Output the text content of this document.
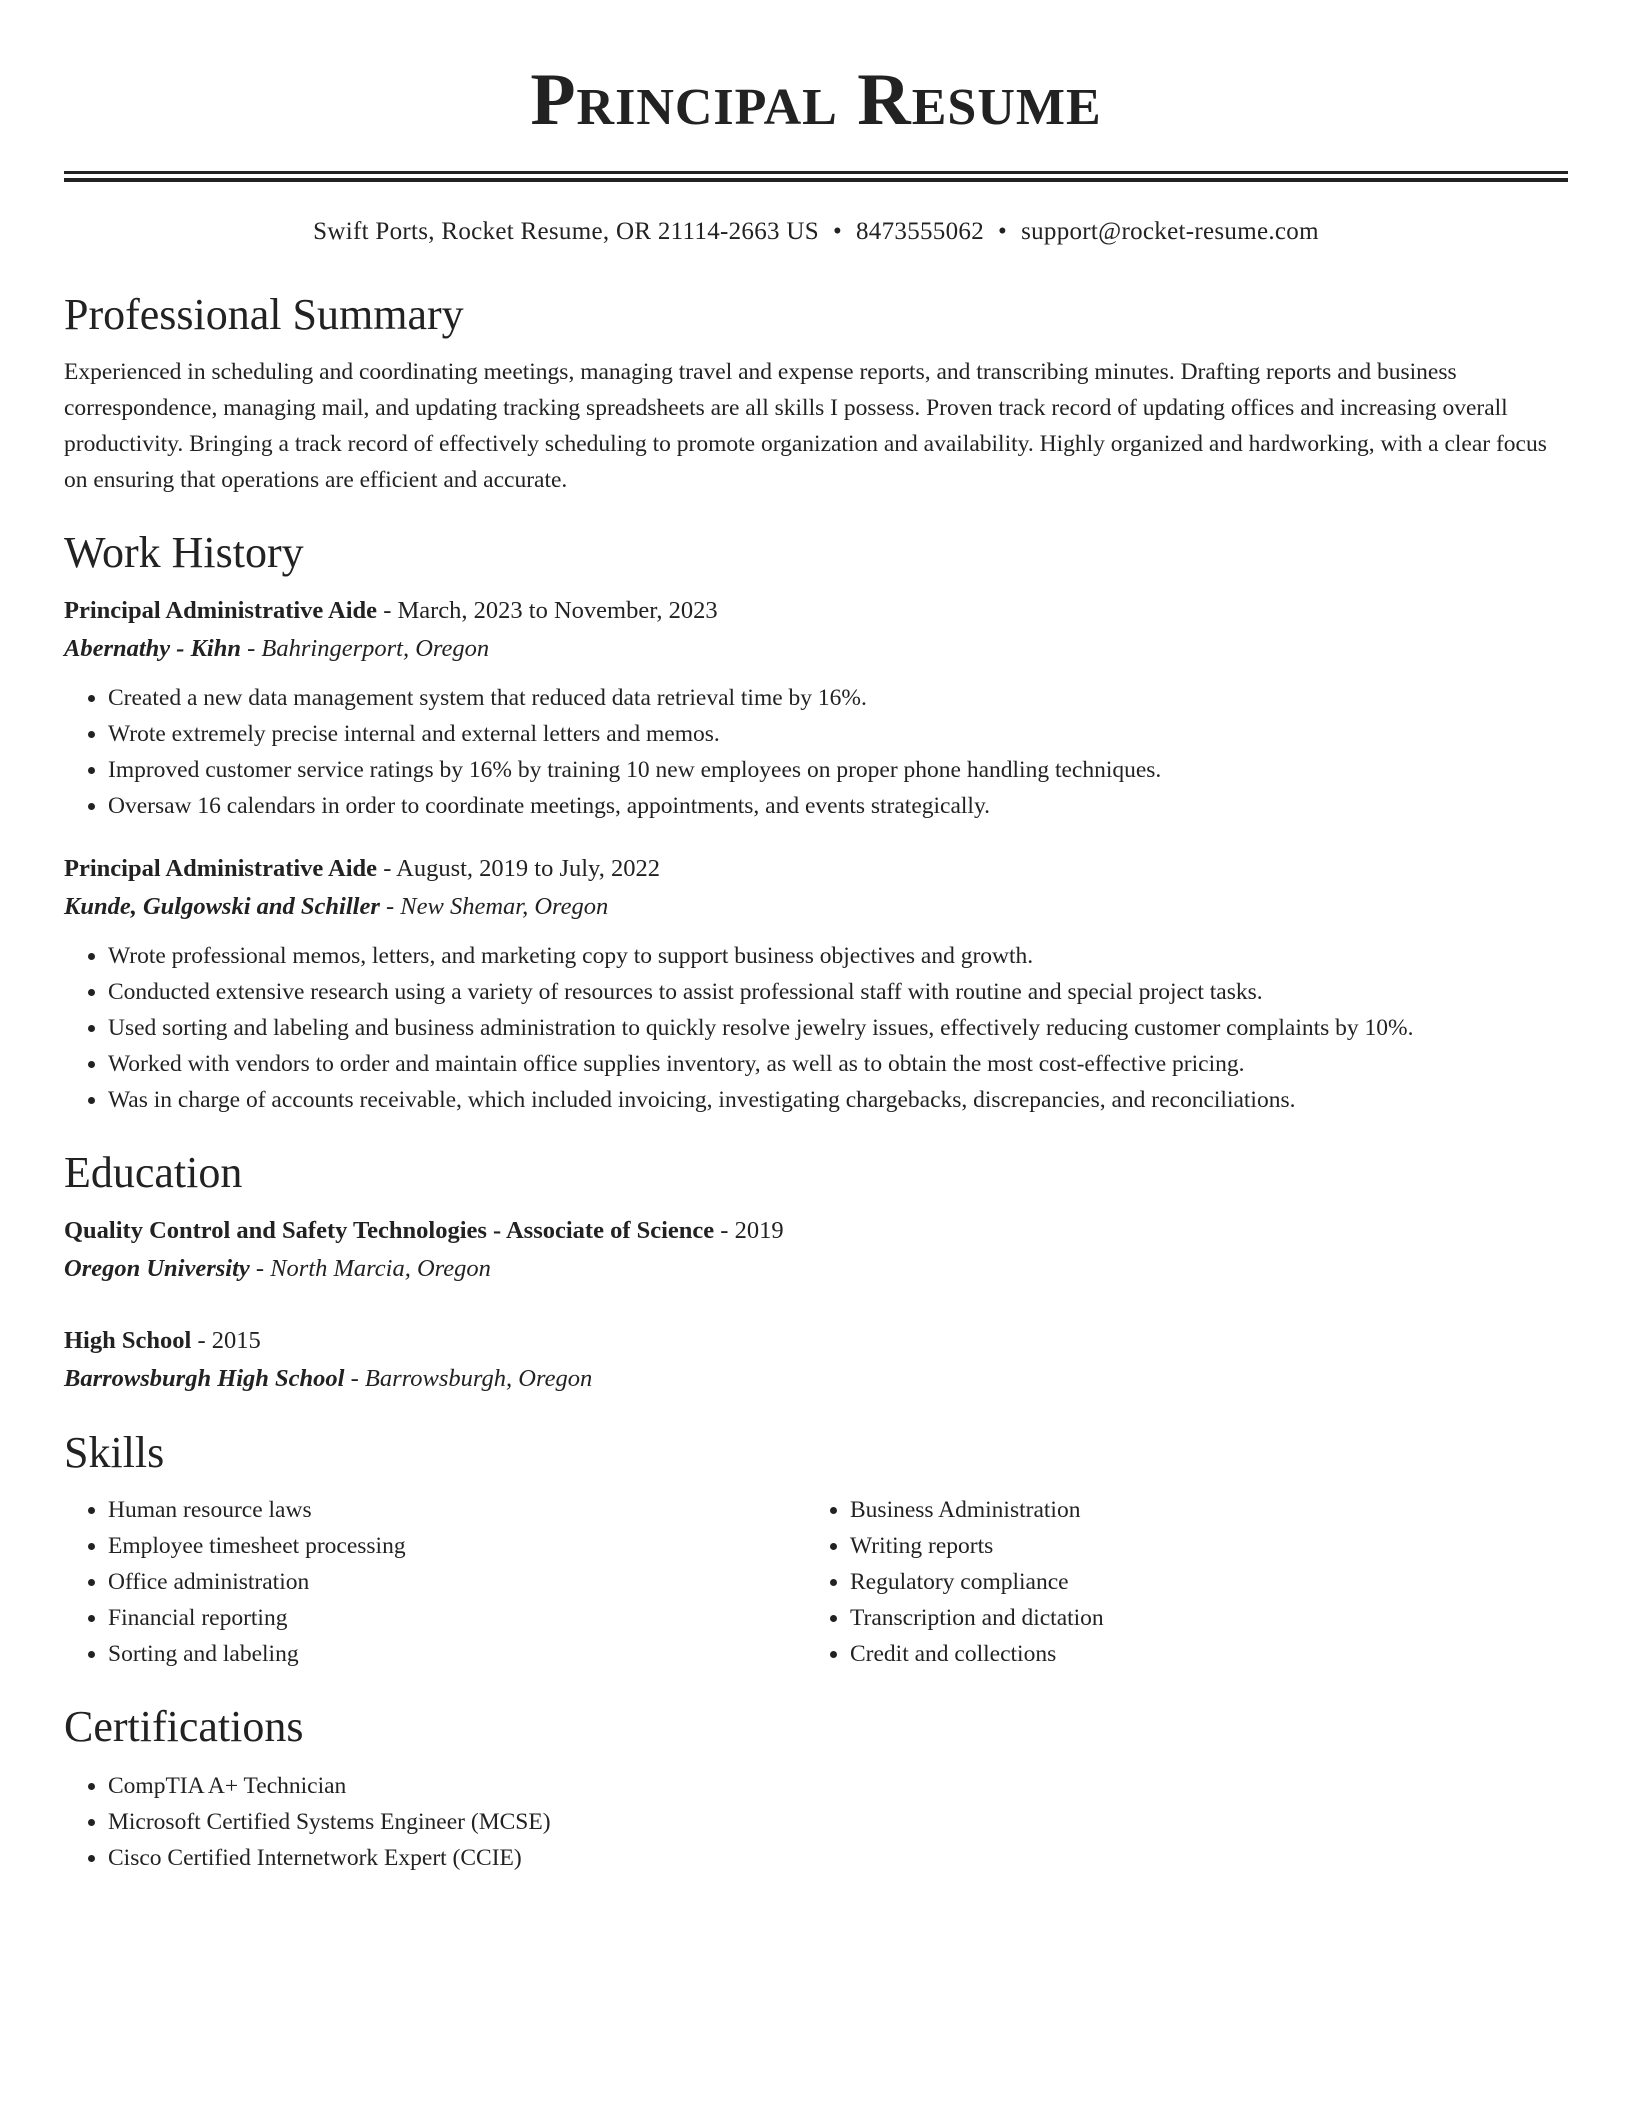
Principal Resume
Swift Ports, Rocket Resume, OR 21114-2663 US • 8473555062 • support@rocket-resume.com
Professional Summary
Experienced in scheduling and coordinating meetings, managing travel and expense reports, and transcribing minutes. Drafting reports and business correspondence, managing mail, and updating tracking spreadsheets are all skills I possess. Proven track record of updating offices and increasing overall productivity. Bringing a track record of effectively scheduling to promote organization and availability. Highly organized and hardworking, with a clear focus on ensuring that operations are efficient and accurate.
Work History
Principal Administrative Aide - March, 2023 to November, 2023
Abernathy - Kihn - Bahringerport, Oregon
• Created a new data management system that reduced data retrieval time by 16%.
• Wrote extremely precise internal and external letters and memos.
• Improved customer service ratings by 16% by training 10 new employees on proper phone handling techniques.
• Oversaw 16 calendars in order to coordinate meetings, appointments, and events strategically.
Principal Administrative Aide - August, 2019 to July, 2022
Kunde, Gulgowski and Schiller - New Shemar, Oregon
• Wrote professional memos, letters, and marketing copy to support business objectives and growth.
• Conducted extensive research using a variety of resources to assist professional staff with routine and special project tasks.
• Used sorting and labeling and business administration to quickly resolve jewelry issues, effectively reducing customer complaints by 10%.
• Worked with vendors to order and maintain office supplies inventory, as well as to obtain the most cost-effective pricing.
• Was in charge of accounts receivable, which included invoicing, investigating chargebacks, discrepancies, and reconciliations.
Education
Quality Control and Safety Technologies - Associate of Science - 2019
Oregon University - North Marcia, Oregon
High School - 2015
Barrowsburgh High School - Barrowsburgh, Oregon
Skills
• Human resource laws
• Employee timesheet processing
• Office administration
• Financial reporting
• Sorting and labeling
• Business Administration
• Writing reports
• Regulatory compliance
• Transcription and dictation
• Credit and collections
Certifications
• CompTIA A+ Technician
• Microsoft Certified Systems Engineer (MCSE)
• Cisco Certified Internetwork Expert (CCIE)
